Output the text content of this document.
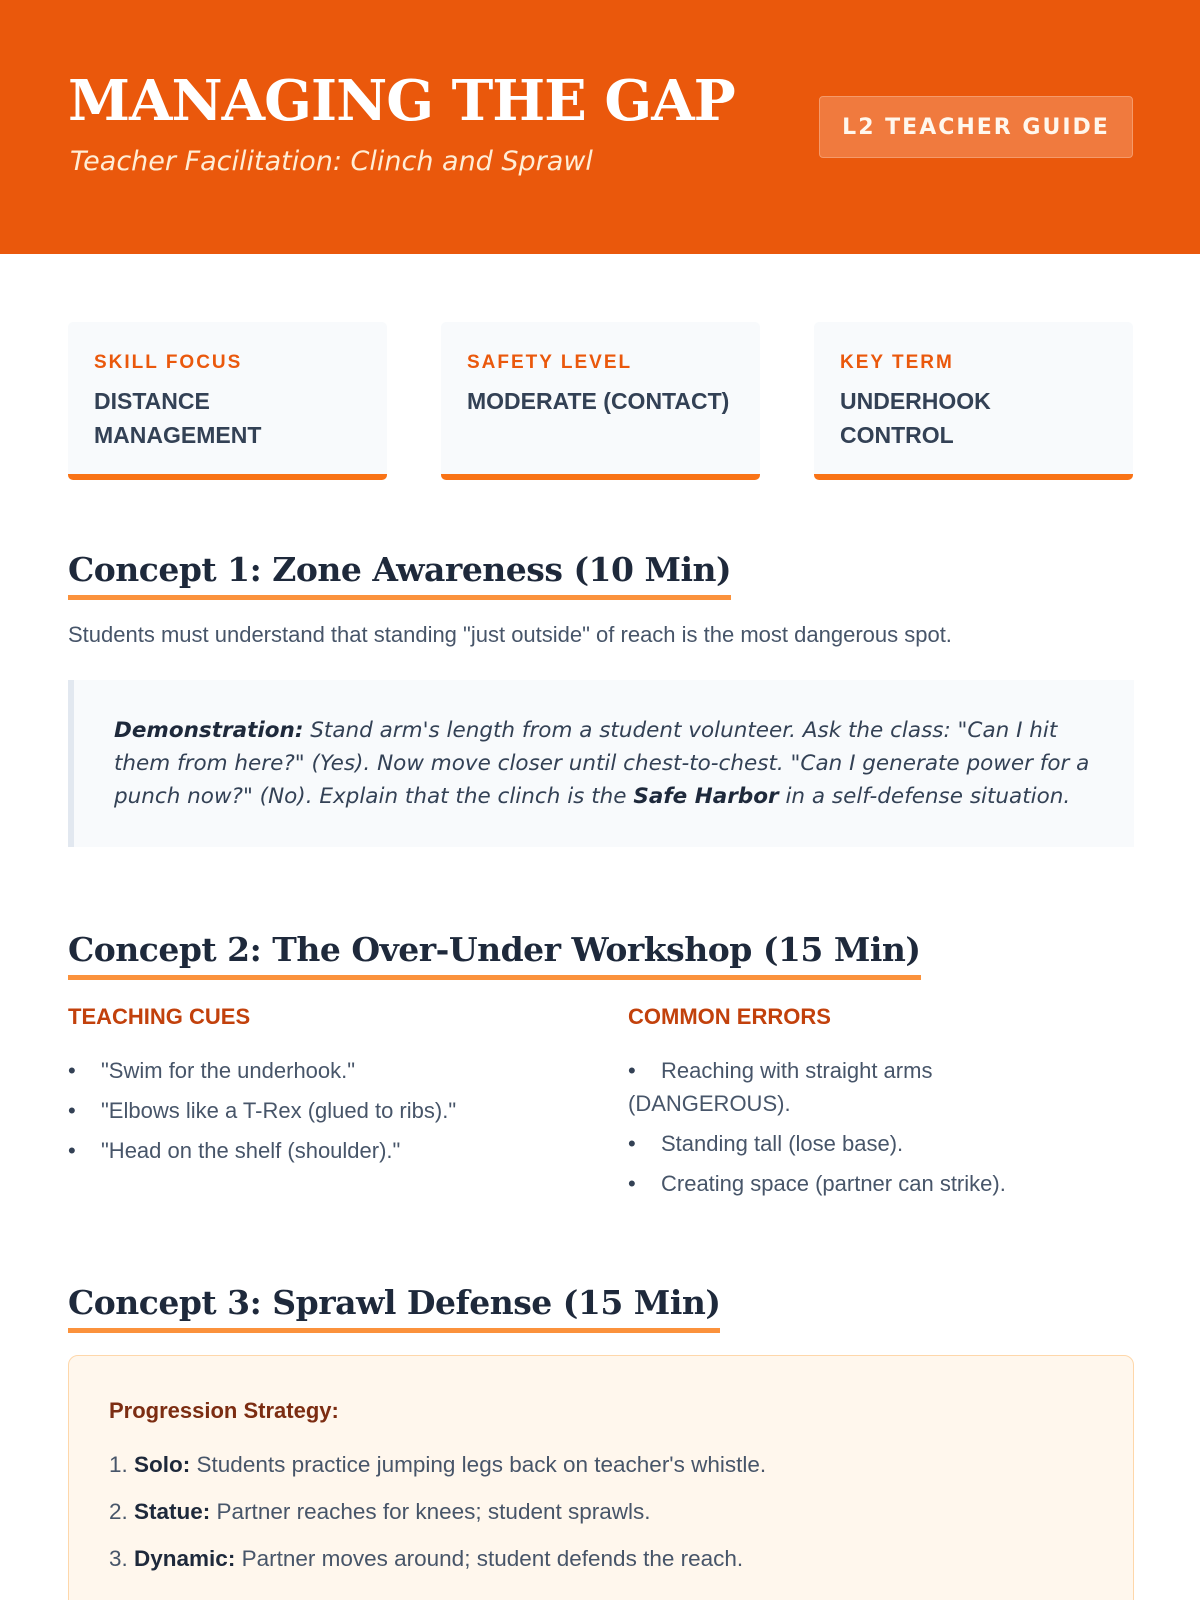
MANAGING THE GAP
Teacher Facilitation: Clinch and Sprawl
L2 TEACHER GUIDE
SKILL FOCUS
DISTANCE MANAGEMENT
SAFETY LEVEL
MODERATE (CONTACT)
KEY TERM
UNDERHOOK CONTROL
Concept 1: Zone Awareness (10 Min)
Students must understand that standing "just outside" of reach is the most dangerous spot.
Demonstration: Stand arm's length from a student volunteer. Ask the class: "Can I hit them from here?" (Yes). Now move closer until chest-to-chest. "Can I generate power for a punch now?" (No). Explain that the clinch is the Safe Harbor in a self-defense situation.
Concept 2: The Over-Under Workshop (15 Min)
TEACHING CUES
• "Swim for the underhook."
• "Elbows like a T-Rex (glued to ribs)."
• "Head on the shelf (shoulder)."
COMMON ERRORS
• Reaching with straight arms (DANGEROUS).
• Standing tall (lose base).
• Creating space (partner can strike).
Concept 3: Sprawl Defense (15 Min)
Progression Strategy:
1. Solo: Students practice jumping legs back on teacher's whistle.
2. Statue: Partner reaches for knees; student sprawls.
3. Dynamic: Partner moves around; student defends the reach.
